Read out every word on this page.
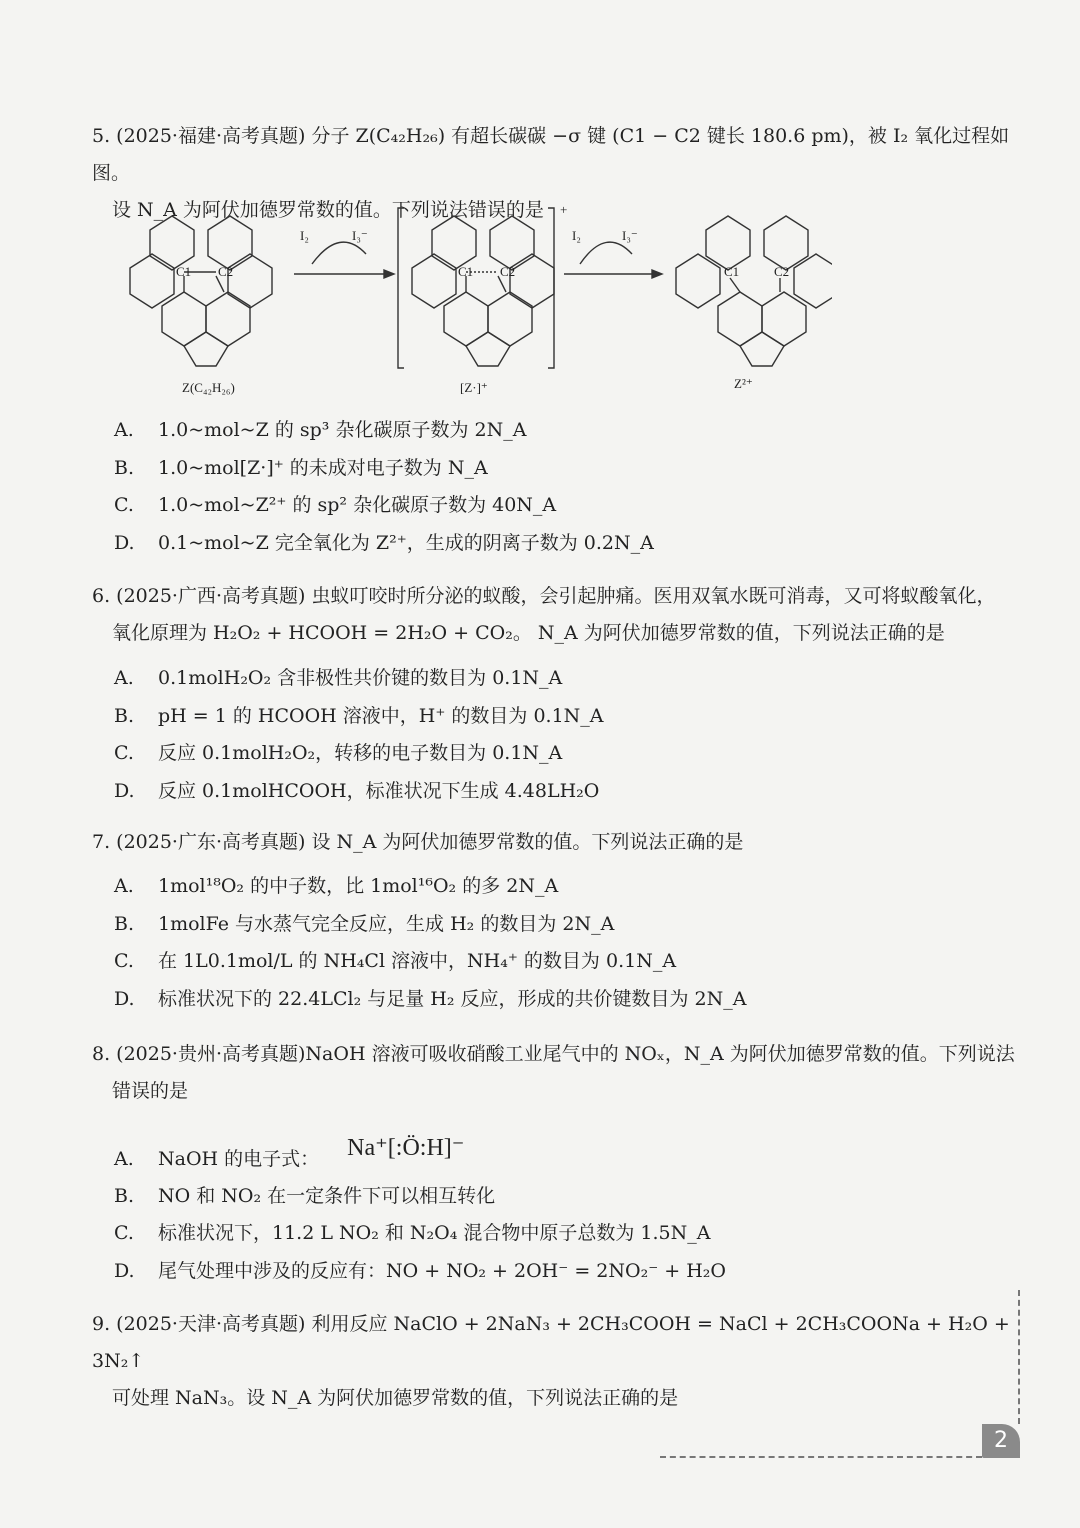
5. (2025·福建·高考真题) 分子 Z(C₄₂H₂₆) 有超长碳碳 −σ 键 (C1 − C2 键长 180.6 pm)，被 I₂ 氧化过程如图。

设 N_A 为阿伏加德罗常数的值。下列说法错误的是

C1 C2	C1 C2	C1	C2
I₂	I₃⁻	I₂	I₃⁻
+
Z(C₄₂H₂₆)	[Z·]⁺	Z²⁺
A. 1.0~mol~Z 的 sp³ 杂化碳原子数为 2N_A
B. 1.0~mol[Z·]⁺ 的未成对电子数为 N_A
C. 1.0~mol~Z²⁺ 的 sp² 杂化碳原子数为 40N_A
D. 0.1~mol~Z 完全氧化为 Z²⁺，生成的阴离子数为 0.2N_A

6. (2025·广西·高考真题) 虫蚁叮咬时所分泌的蚁酸，会引起肿痛。医用双氧水既可消毒，又可将蚁酸氧化，

氧化原理为 H₂O₂ + HCOOH = 2H₂O + CO₂。 N_A 为阿伏加德罗常数的值，下列说法正确的是

A. 0.1molH₂O₂ 含非极性共价键的数目为 0.1N_A
B. pH = 1 的 HCOOH 溶液中，H⁺ 的数目为 0.1N_A
C. 反应 0.1molH₂O₂，转移的电子数目为 0.1N_A
D. 反应 0.1molHCOOH，标准状况下生成 4.48LH₂O

7. (2025·广东·高考真题) 设 N_A 为阿伏加德罗常数的值。下列说法正确的是

A. 1mol¹⁸O₂ 的中子数，比 1mol¹⁶O₂ 的多 2N_A
B. 1molFe 与水蒸气完全反应，生成 H₂ 的数目为 2N_A
C. 在 1L0.1mol/L 的 NH₄Cl 溶液中，NH₄⁺ 的数目为 0.1N_A
D. 标准状况下的 22.4LCl₂ 与足量 H₂ 反应，形成的共价键数目为 2N_A

8. (2025·贵州·高考真题)NaOH 溶液可吸收硝酸工业尾气中的 NOₓ，N_A 为阿伏加德罗常数的值。下列说法

错误的是

A. NaOH 的电子式： Na⁺[:Ö:H]⁻
B. NO 和 NO₂ 在一定条件下可以相互转化
C. 标准状况下，11.2 L NO₂ 和 N₂O₄ 混合物中原子总数为 1.5N_A
D. 尾气处理中涉及的反应有：NO + NO₂ + 2OH⁻ = 2NO₂⁻ + H₂O

9. (2025·天津·高考真题) 利用反应 NaClO + 2NaN₃ + 2CH₃COOH = NaCl + 2CH₃COONa + H₂O + 3N₂↑

可处理 NaN₃。设 N_A 为阿伏加德罗常数的值，下列说法正确的是

2
